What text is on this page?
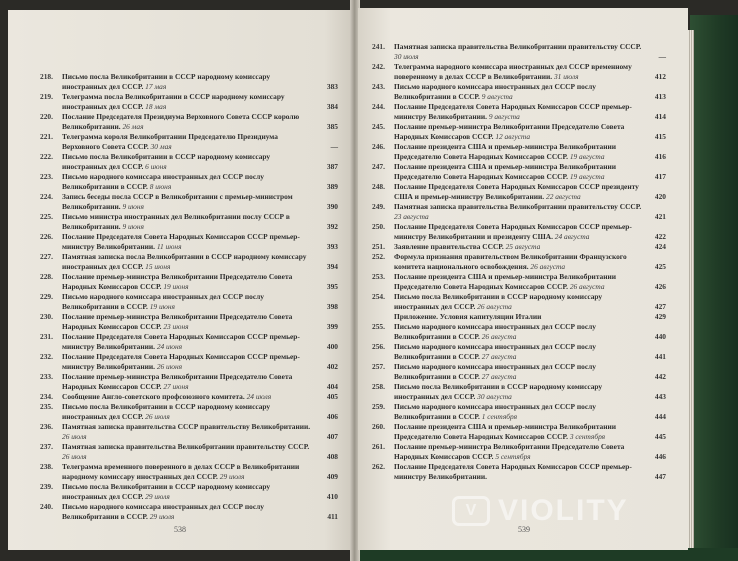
218.	Письмо посла Великобритании в СССР народному комиссару иностранных дел СССР. 17 мая	383
219.	Телеграмма посла Великобритании в СССР народному комиссару иностранных дел СССР. 18 мая	384
220.	Послание Председателя Президиума Верховного Совета СССР королю Великобритании. 26 мая	385
221.	Телеграмма короля Великобритании Председателю Президиума Верховного Совета СССР. 30 мая	—
222.	Письмо посла Великобритании в СССР народному комиссару иностранных дел СССР. 6 июня	387
223.	Письмо народного комиссара иностранных дел СССР послу Великобритании в СССР. 8 июня	389
224.	Запись беседы посла СССР в Великобритании с премьер-министром Великобритании. 9 июня	390
225.	Письмо министра иностранных дел Великобритании послу СССР в Великобритании. 9 июня	392
226.	Послание Председателя Совета Народных Комиссаров СССР премьер-министру Великобритании. 11 июня	393
227.	Памятная записка посла Великобритании в СССР народному комиссару иностранных дел СССР. 15 июня	394
228.	Послание премьер-министра Великобритании Председателю Совета Народных Комиссаров СССР. 19 июня	395
229.	Письмо народного комиссара иностранных дел СССР послу Великобритании в СССР. 19 июня	398
230.	Послание премьер-министра Великобритании Председателю Совета Народных Комиссаров СССР. 23 июня	399
231.	Послание Председателя Совета Народных Комиссаров СССР премьер-министру Великобритании. 24 июня	400
232.	Послание Председателя Совета Народных Комиссаров СССР премьер-министру Великобритании. 26 июня	402
233.	Послание премьер-министра Великобритании Председателю Совета Народных Комиссаров СССР. 27 июня	404
234.	Сообщение Англо-советского профсоюзного комитета. 24 июля	405
235.	Письмо посла Великобритании в СССР народному комиссару иностранных дел СССР. 26 июля	406
236.	Памятная записка правительства СССР правительству Великобритании. 26 июля	407
237.	Памятная записка правительства Великобритании правительству СССР. 26 июля	408
238.	Телеграмма временного поверенного в делах СССР в Великобритании народному комиссару иностранных дел СССР. 29 июля	409
239.	Письмо посла Великобритании в СССР народному комиссару иностранных дел СССР. 29 июля	410
240.	Письмо народного комиссара иностранных дел СССР послу Великобритании в СССР. 29 июля	411
538
241.	Памятная записка правительства Великобритании правительству СССР. 30 июля	—
242.	Телеграмма народного комиссара иностранных дел СССР временному поверенному в делах СССР в Великобритании. 31 июля	412
243.	Письмо народного комиссара иностранных дел СССР послу Великобритании в СССР. 9 августа	413
244.	Послание Председателя Совета Народных Комиссаров СССР премьер-министру Великобритании. 9 августа	414
245.	Послание премьер-министра Великобритании Председателю Совета Народных Комиссаров СССР. 12 августа	415
246.	Послание президента США и премьер-министра Великобритании Председателю Совета Народных Комиссаров СССР. 19 августа	416
247.	Послание президента США и премьер-министра Великобритании Председателю Совета Народных Комиссаров СССР. 19 августа	417
248.	Послание Председателя Совета Народных Комиссаров СССР президенту США и премьер-министру Великобритании. 22 августа	420
249.	Памятная записка правительства Великобритании правительству СССР. 23 августа	421
250.	Послание Председателя Совета Народных Комиссаров СССР премьер-министру Великобритании и президенту США. 24 августа	422
251.	Заявление правительства СССР. 25 августа	424
252.	Формула признания правительством Великобритании Французского комитета национального освобождения. 26 августа	425
253.	Послание президента США и премьер-министра Великобритании Председателю Совета Народных Комиссаров СССР. 26 августа	426
254.	Письмо посла Великобритании в СССР народному комиссару иностранных дел СССР. 26 августа	427
Приложение. Условия капитуляции Италии	429
255.	Письмо народного комиссара иностранных дел СССР послу Великобритании в СССР. 26 августа	440
256.	Письмо народного комиссара иностранных дел СССР послу Великобритании в СССР. 27 августа	441
257.	Письмо народного комиссара иностранных дел СССР послу Великобритании в СССР. 27 августа	442
258.	Письмо посла Великобритании в СССР народному комиссару иностранных дел СССР. 30 августа	443
259.	Письмо народного комиссара иностранных дел СССР послу Великобритании в СССР. 1 сентября	444
260.	Послание президента США и премьер-министра Великобритании Председателю Совета Народных Комиссаров СССР. 3 сентября	445
261.	Послание премьер-министра Великобритании Председателю Совета Народных Комиссаров СССР. 5 сентября	446
262.	Послание Председателя Совета Народных Комиссаров СССР премьер-министру Великобритании.	447
539
V VIOLITY
